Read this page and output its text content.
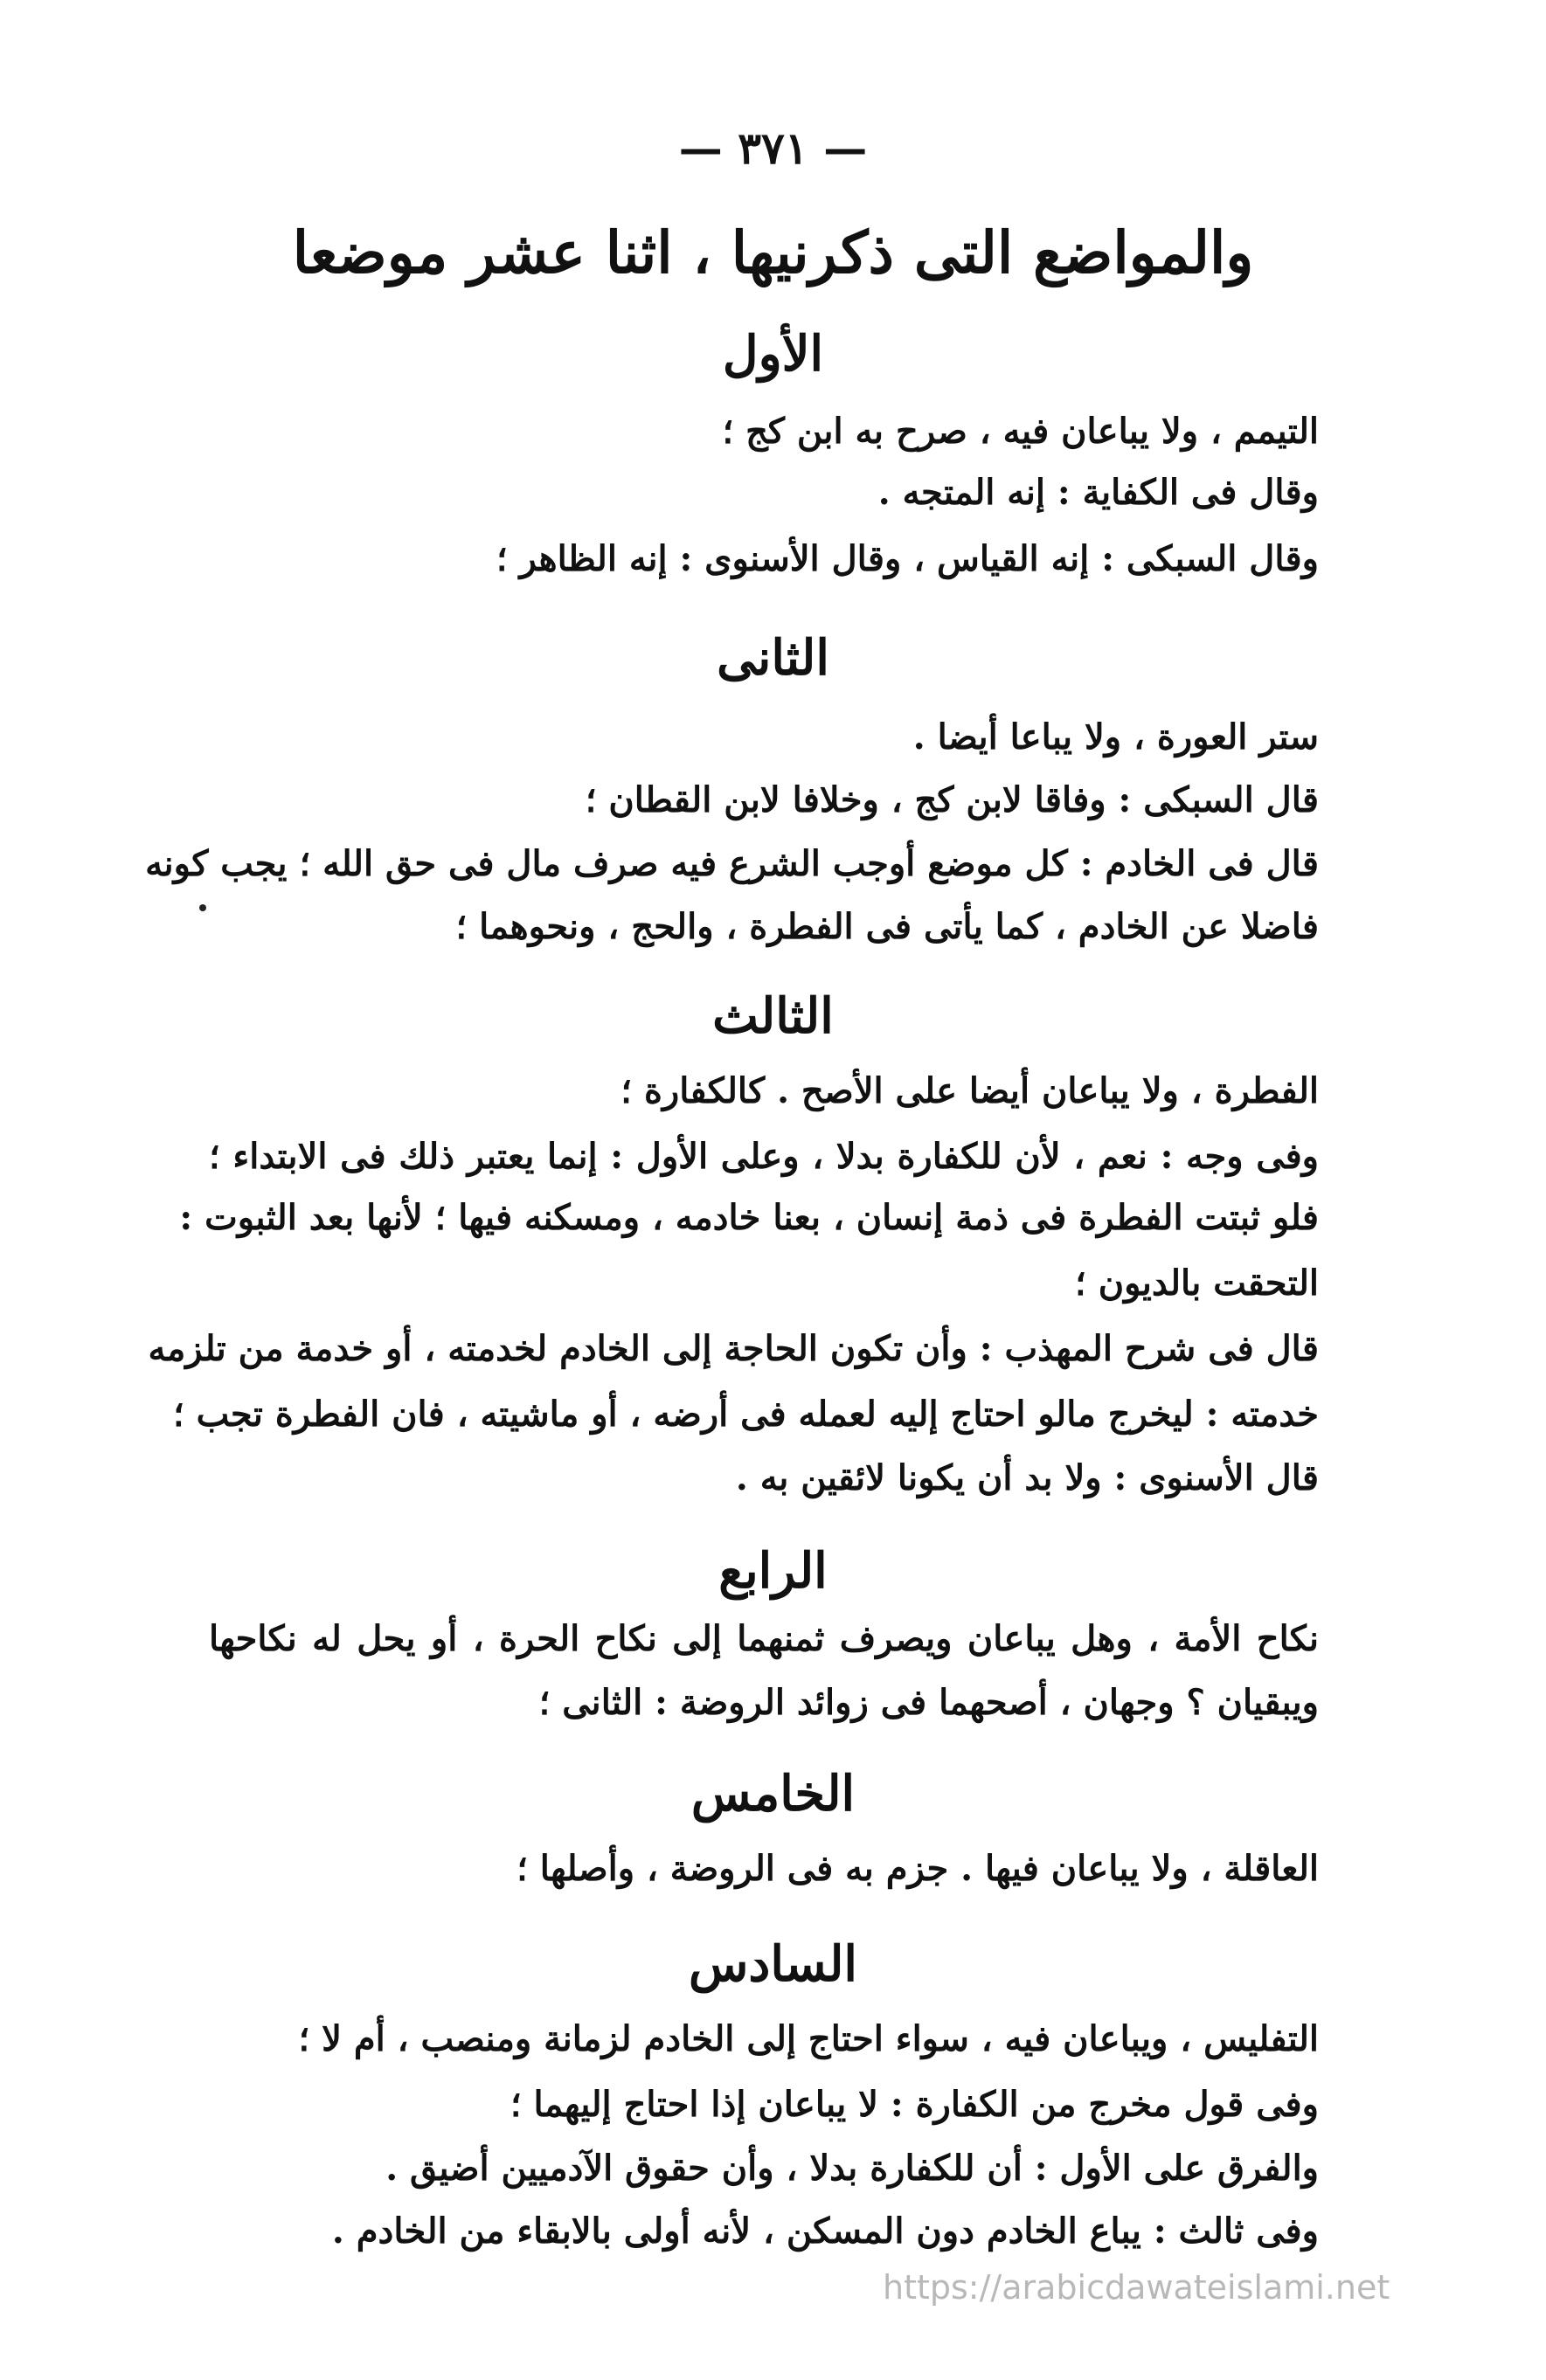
— ٣٧١ —
والمواضع التى ذكرنيها ، اثنا عشر موضعا
الأول
التيمم ، ولا يباعان فيه ، صرح به ابن كج ؛
وقال فى الكفاية : إنه المتجه .
وقال السبكى : إنه القياس ، وقال الأسنوى : إنه الظاهر ؛
الثانى
ستر العورة ، ولا يباعا أيضا .
قال السبكى : وفاقا لابن كج ، وخلافا لابن القطان ؛
قال فى الخادم : كل موضع أوجب الشرع فيه صرف مال فى حق الله ؛ يجب كونه
فاضلا عن الخادم ، كما يأتى فى الفطرة ، والحج ، ونحوهما ؛
الثالث
الفطرة ، ولا يباعان أيضا على الأصح . كالكفارة ؛
وفى وجه : نعم ، لأن للكفارة بدلا ، وعلى الأول : إنما يعتبر ذلك فى الابتداء ؛
فلو ثبتت الفطرة فى ذمة إنسان ، بعنا خادمه ، ومسكنه فيها ؛ لأنها بعد الثبوت :
التحقت بالديون ؛
قال فى شرح المهذب : وأن تكون الحاجة إلى الخادم لخدمته ، أو خدمة من تلزمه
خدمته : ليخرج مالو احتاج إليه لعمله فى أرضه ، أو ماشيته ، فان الفطرة تجب ؛
قال الأسنوى : ولا بد أن يكونا لائقين به .
الرابع
نكاح الأمة ، وهل يباعان ويصرف ثمنهما إلى نكاح الحرة ، أو يحل له نكاحها
ويبقيان ؟ وجهان ، أصحهما فى زوائد الروضة : الثانى ؛
الخامس
العاقلة ، ولا يباعان فيها . جزم به فى الروضة ، وأصلها ؛
السادس
التفليس ، ويباعان فيه ، سواء احتاج إلى الخادم لزمانة ومنصب ، أم لا ؛
وفى قول مخرج من الكفارة : لا يباعان إذا احتاج إليهما ؛
والفرق على الأول : أن للكفارة بدلا ، وأن حقوق الآدميين أضيق .
وفى ثالث : يباع الخادم دون المسكن ، لأنه أولى بالابقاء من الخادم .
https://arabicdawateislami.net
